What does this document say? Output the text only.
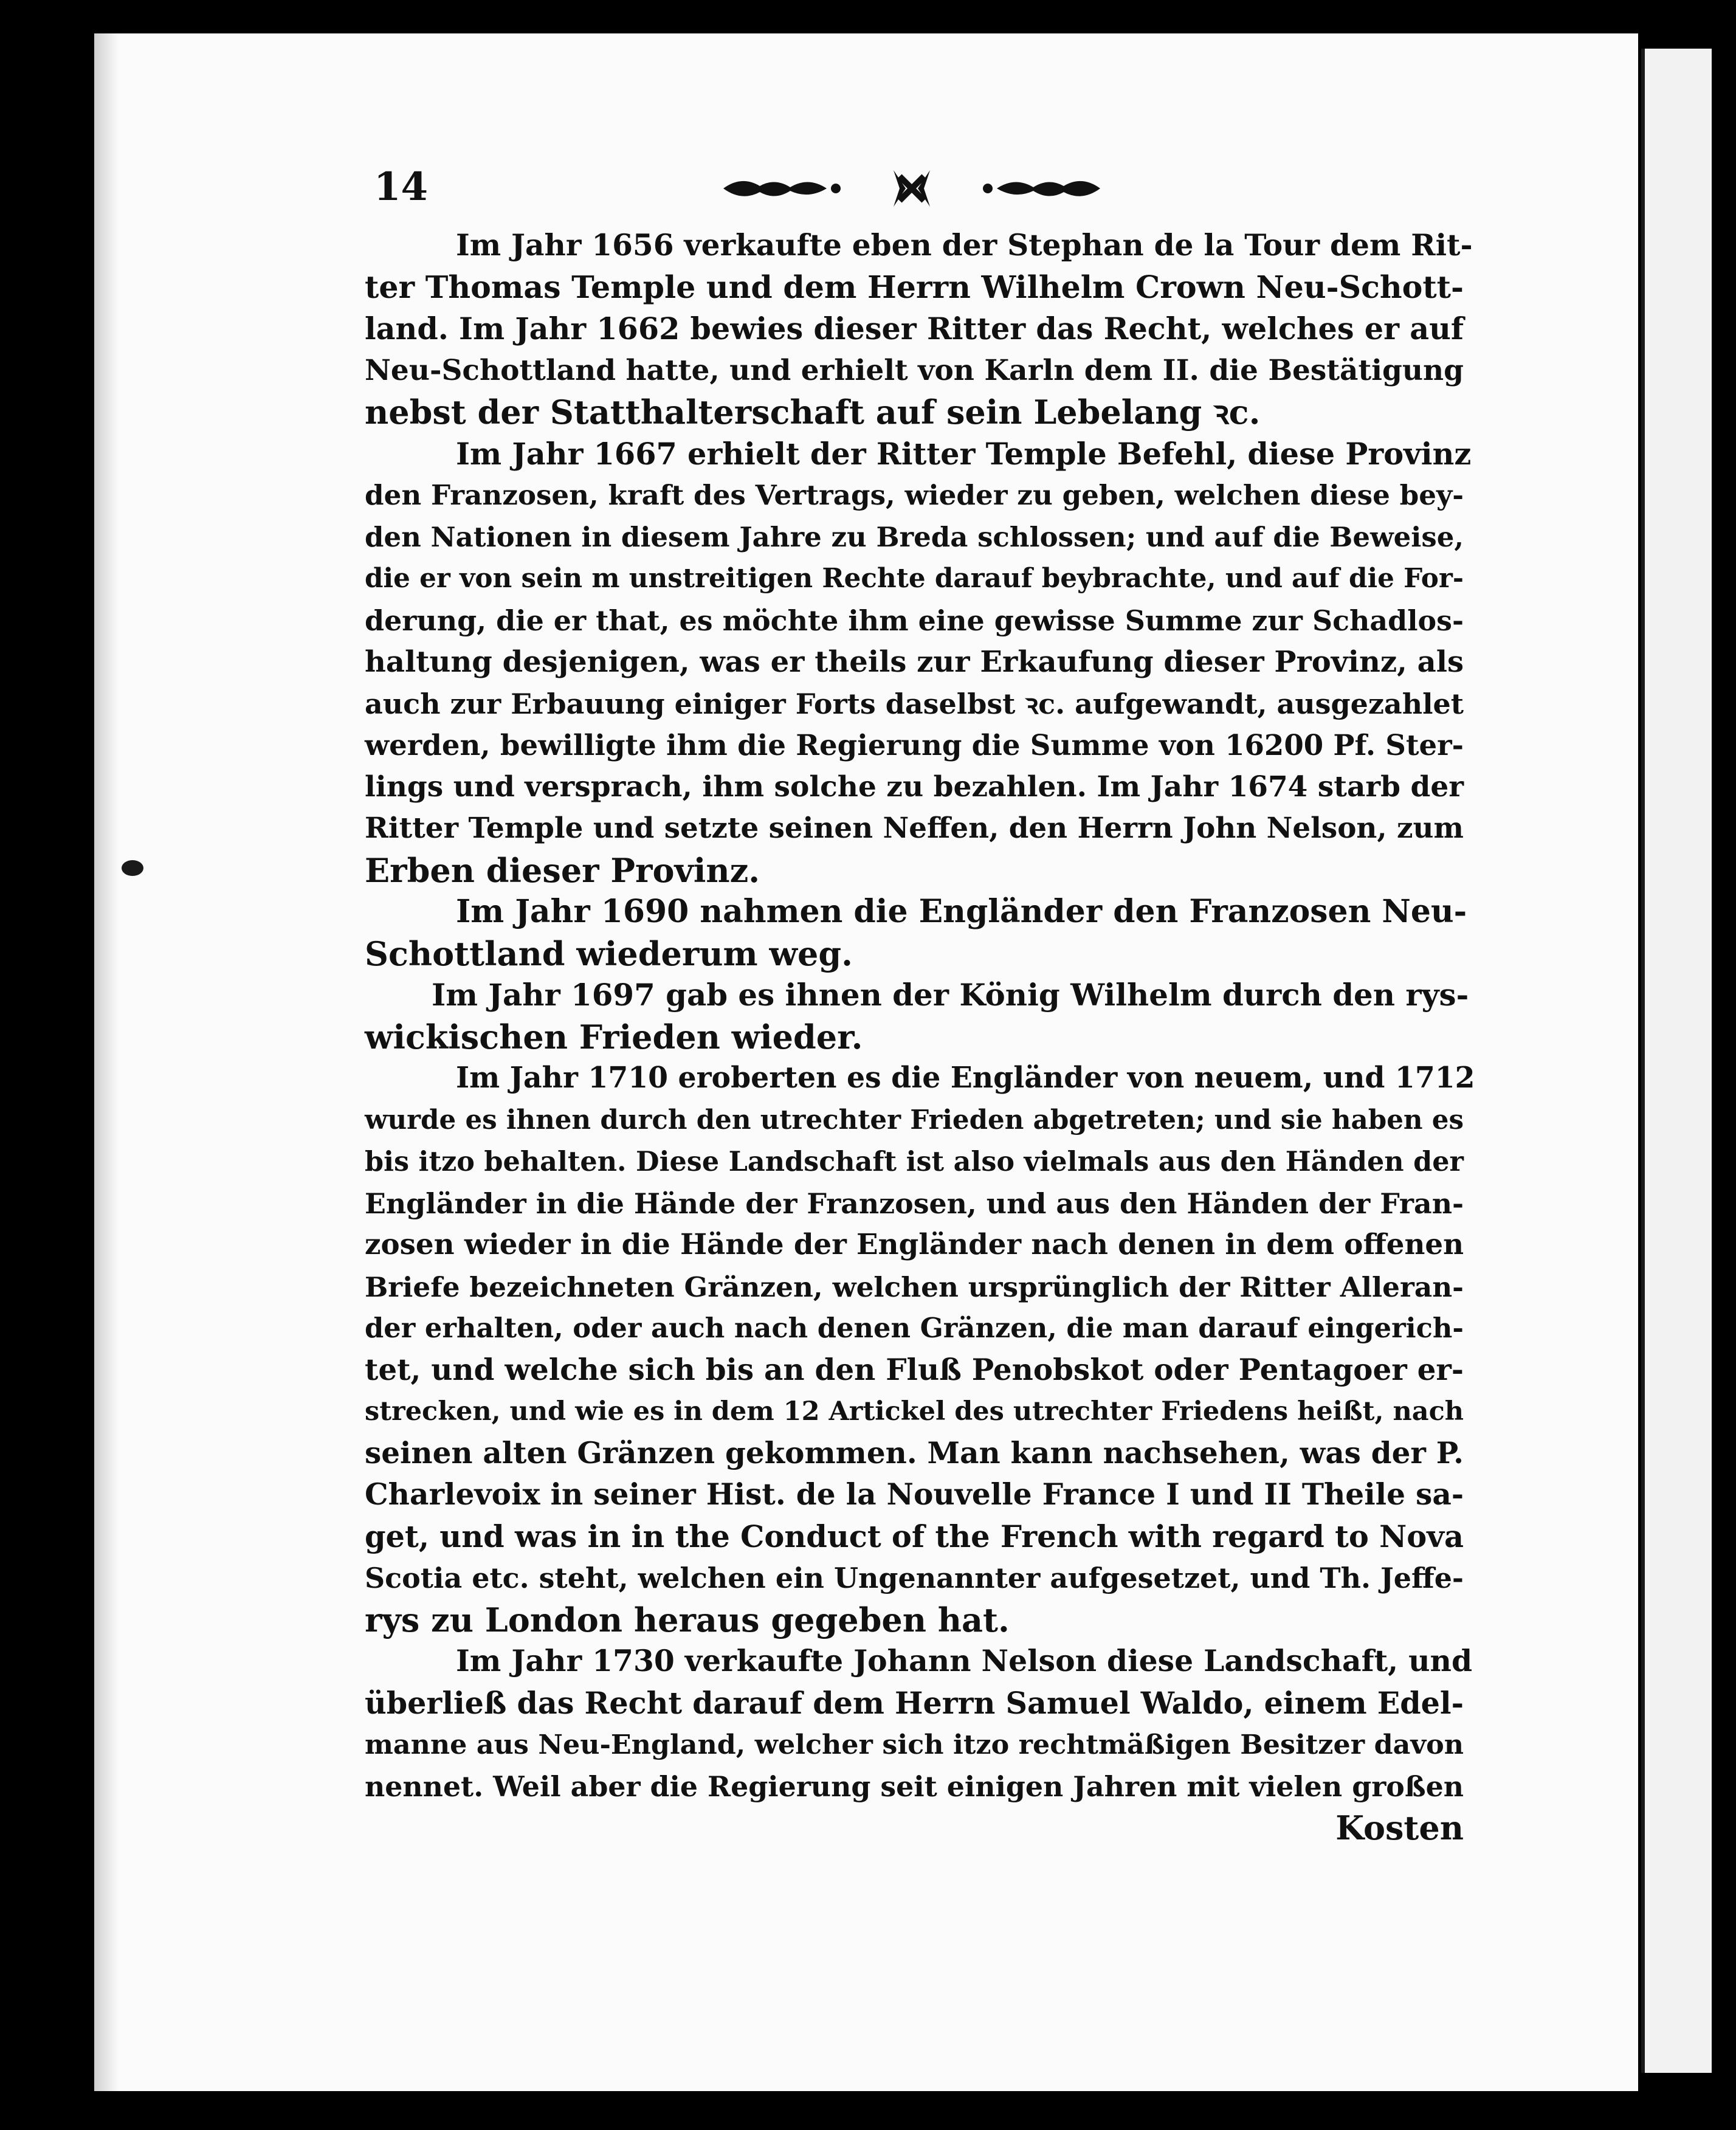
14
Im Jahr 1656 verkaufte eben der Stephan de la Tour dem Rit-
ter Thomas Temple und dem Herrn Wilhelm Crown Neu-Schott-
land. Im Jahr 1662 bewies dieser Ritter das Recht, welches er auf
Neu-Schottland hatte, und erhielt von Karln dem II. die Bestätigung
nebst der Statthalterschaft auf sein Lebelang ꝛc.
Im Jahr 1667 erhielt der Ritter Temple Befehl, diese Provinz
den Franzosen, kraft des Vertrags, wieder zu geben, welchen diese bey-
den Nationen in diesem Jahre zu Breda schlossen; und auf die Beweise,
die er von sein m unstreitigen Rechte darauf beybrachte, und auf die For-
derung, die er that, es möchte ihm eine gewisse Summe zur Schadlos-
haltung desjenigen, was er theils zur Erkaufung dieser Provinz, als
auch zur Erbauung einiger Forts daselbst ꝛc. aufgewandt, ausgezahlet
werden, bewilligte ihm die Regierung die Summe von 16200 Pf. Ster-
lings und versprach, ihm solche zu bezahlen. Im Jahr 1674 starb der
Ritter Temple und setzte seinen Neffen, den Herrn John Nelson, zum
Erben dieser Provinz.
Im Jahr 1690 nahmen die Engländer den Franzosen Neu-
Schottland wiederum weg.
Im Jahr 1697 gab es ihnen der König Wilhelm durch den rys-
wickischen Frieden wieder.
Im Jahr 1710 eroberten es die Engländer von neuem, und 1712
wurde es ihnen durch den utrechter Frieden abgetreten; und sie haben es
bis itzo behalten. Diese Landschaft ist also vielmals aus den Händen der
Engländer in die Hände der Franzosen, und aus den Händen der Fran-
zosen wieder in die Hände der Engländer nach denen in dem offenen
Briefe bezeichneten Gränzen, welchen ursprünglich der Ritter Alleran-
der erhalten, oder auch nach denen Gränzen, die man darauf eingerich-
tet, und welche sich bis an den Fluß Penobskot oder Pentagoer er-
strecken, und wie es in dem 12 Artickel des utrechter Friedens heißt, nach
seinen alten Gränzen gekommen. Man kann nachsehen, was der P.
Charlevoix in seiner Hist. de la Nouvelle France I und II Theile sa-
get, und was in in the Conduct of the French with regard to Nova
Scotia etc. steht, welchen ein Ungenannter aufgesetzet, und Th. Jeffe-
rys zu London heraus gegeben hat.
Im Jahr 1730 verkaufte Johann Nelson diese Landschaft, und
überließ das Recht darauf dem Herrn Samuel Waldo, einem Edel-
manne aus Neu-England, welcher sich itzo rechtmäßigen Besitzer davon
nennet. Weil aber die Regierung seit einigen Jahren mit vielen großen
Kosten
